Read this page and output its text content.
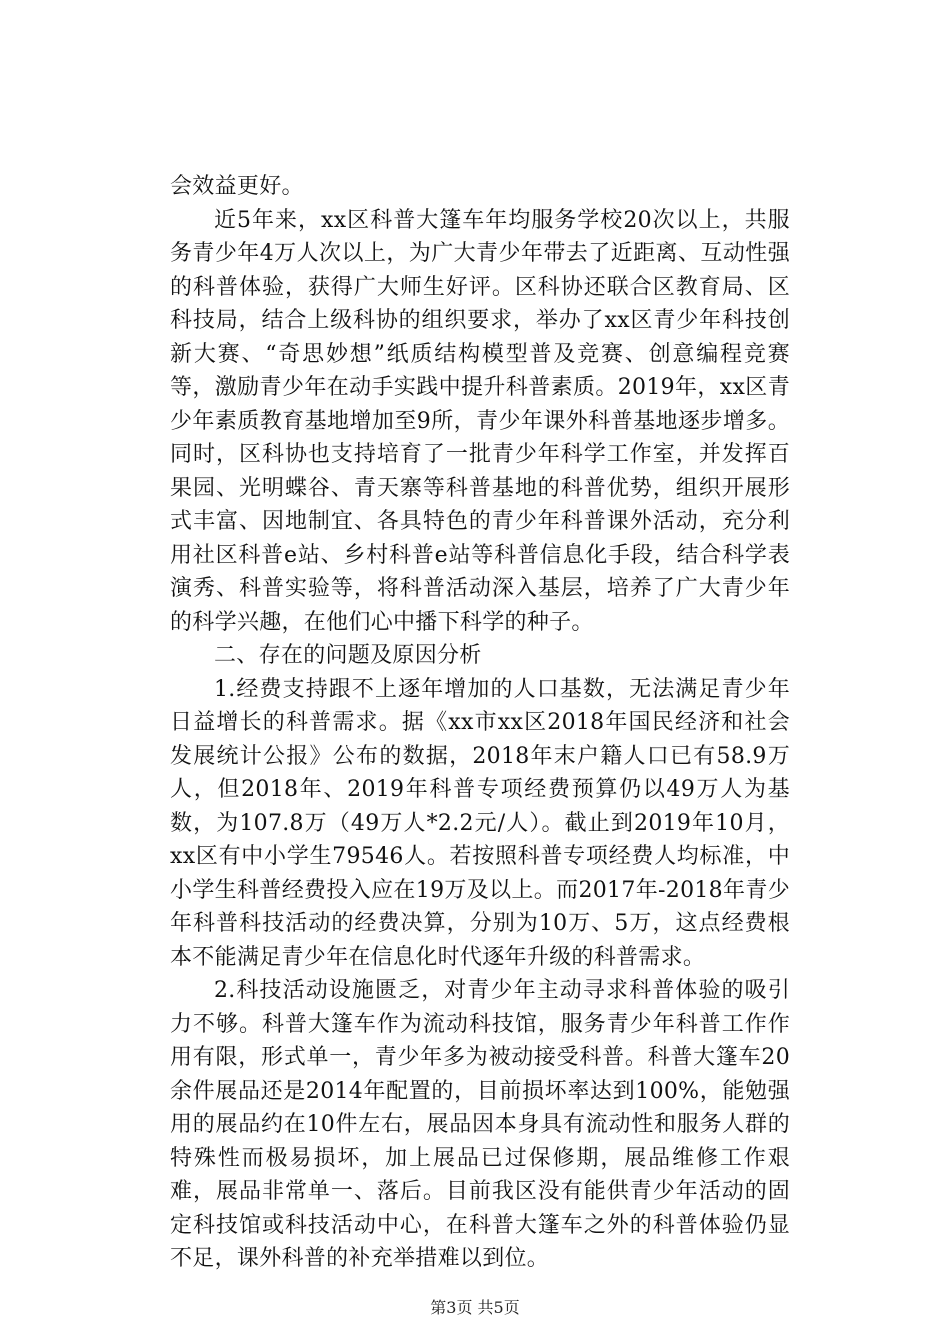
会效益更好。

近5年来，xx区科普大篷车年均服务学校20次以上，共服务青少年4万人次以上，为广大青少年带去了近距离、互动性强的科普体验，获得广大师生好评。区科协还联合区教育局、区科技局，结合上级科协的组织要求，举办了xx区青少年科技创新大赛、“奇思妙想”纸质结构模型普及竞赛、创意编程竞赛等，激励青少年在动手实践中提升科普素质。2019年，xx区青少年素质教育基地增加至9所，青少年课外科普基地逐步增多。同时，区科协也支持培育了一批青少年科学工作室，并发挥百果园、光明蝶谷、青天寨等科普基地的科普优势，组织开展形式丰富、因地制宜、各具特色的青少年科普课外活动，充分利用社区科普e站、乡村科普e站等科普信息化手段，结合科学表演秀、科普实验等，将科普活动深入基层，培养了广大青少年的科学兴趣，在他们心中播下科学的种子。

二、存在的问题及原因分析

1.经费支持跟不上逐年增加的人口基数，无法满足青少年日益增长的科普需求。据《xx市xx区2018年国民经济和社会发展统计公报》公布的数据，2018年末户籍人口已有58.9万人，但2018年、2019年科普专项经费预算仍以49万人为基数，为107.8万（49万人*2.2元/人）。截止到2019年10月，xx区有中小学生79546人。若按照科普专项经费人均标准，中小学生科普经费投入应在19万及以上。而2017年-2018年青少年科普科技活动的经费决算，分别为10万、5万，这点经费根本不能满足青少年在信息化时代逐年升级的科普需求。

2.科技活动设施匮乏，对青少年主动寻求科普体验的吸引力不够。科普大篷车作为流动科技馆，服务青少年科普工作作用有限，形式单一，青少年多为被动接受科普。科普大篷车20余件展品还是2014年配置的，目前损坏率达到100%，能勉强用的展品约在10件左右，展品因本身具有流动性和服务人群的特殊性而极易损坏，加上展品已过保修期，展品维修工作艰难，展品非常单一、落后。目前我区没有能供青少年活动的固定科技馆或科技活动中心，在科普大篷车之外的科普体验仍显不足，课外科普的补充举措难以到位。

第3页 共5页
